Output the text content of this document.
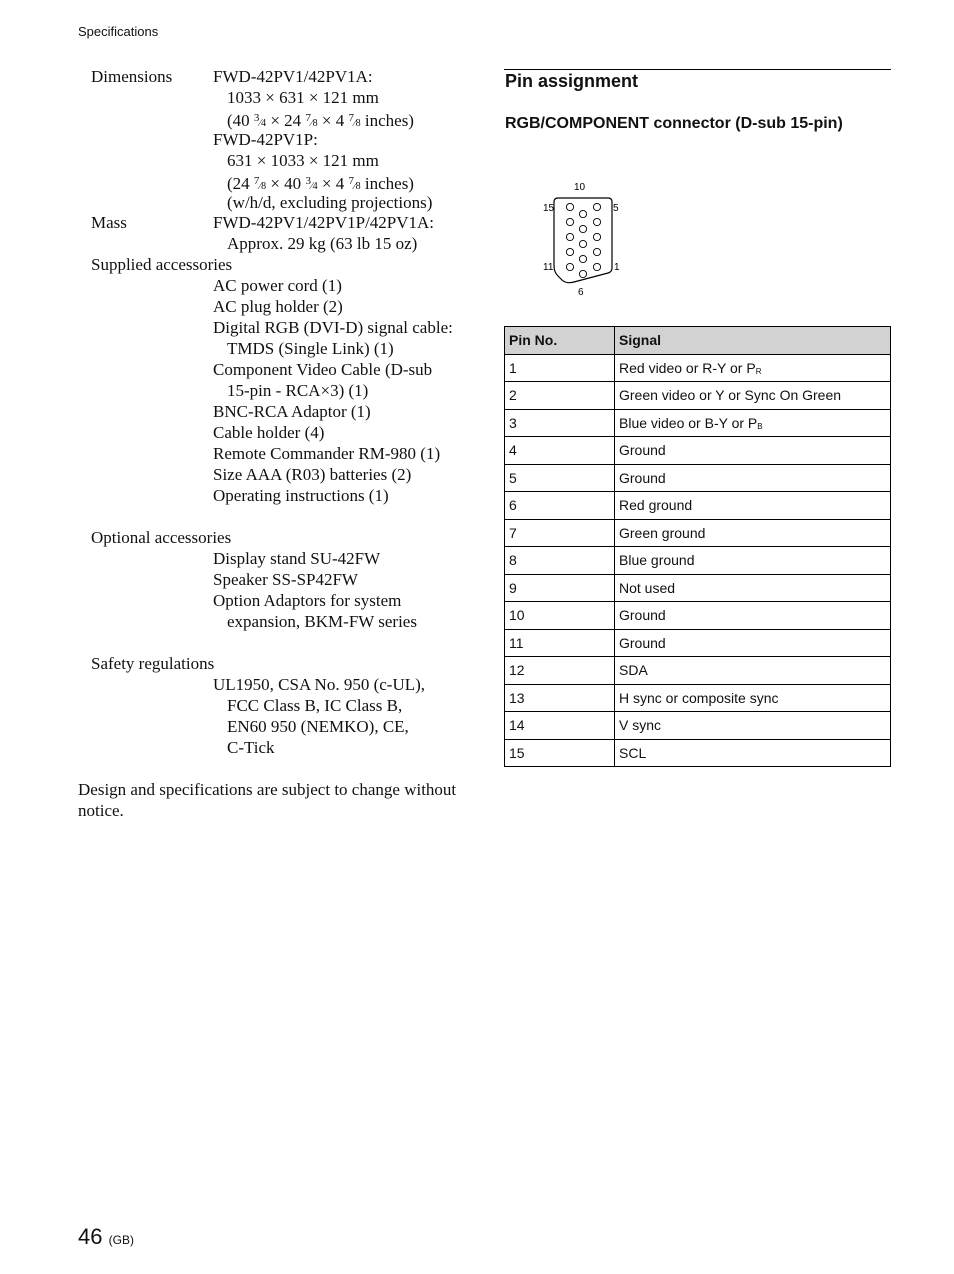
Specifications
Dimensions FWD-42PV1/42PV1A:
1033 × 631 × 121 mm
(40 $^3$⁄4 × 24 $^7$⁄8 × 4 $^7$⁄8 inches)
FWD-42PV1P:
631 × 1033 × 121 mm
(24 $^7$⁄8 × 40 $^3$⁄4 × 4 $^7$⁄8 inches)
(w/h/d, excluding projections)
Mass	FWD-42PV1/42PV1P/42PV1A:
Approx. 29 kg (63 lb 15 oz)
Supplied accessories
AC power cord (1)
AC plug holder (2)
Digital RGB (DVI-D) signal cable:
TMDS (Single Link) (1)
Component Video Cable (D-sub
15-pin - RCA×3) (1)
BNC-RCA Adaptor (1)
Cable holder (4)
Remote Commander RM-980 (1)
Size AAA (R03) batteries (2)
Operating instructions (1)
Optional accessories
Display stand SU-42FW
Speaker SS-SP42FW
Option Adaptors for system
expansion, BKM-FW series
Safety regulations
UL1950, CSA No. 950 (c-UL),
FCC Class B, IC Class B,
EN60 950 (NEMKO), CE,
C-Tick
Design and specifications are subject to change without notice.
Pin assignment
RGB/COMPONENT connector (D-sub 15-pin)
10
15	5
11	1
6
Pin No.	Signal
1	Red video or R-Y or PR
2	Green video or Y or Sync On Green
3	Blue video or B-Y or PB
4	Ground
5	Ground
6	Red ground
7	Green ground
8	Blue ground
9	Not used
10	Ground
11	Ground
12	SDA
13	H sync or composite sync
14	V sync
15	SCL
46 (GB)
